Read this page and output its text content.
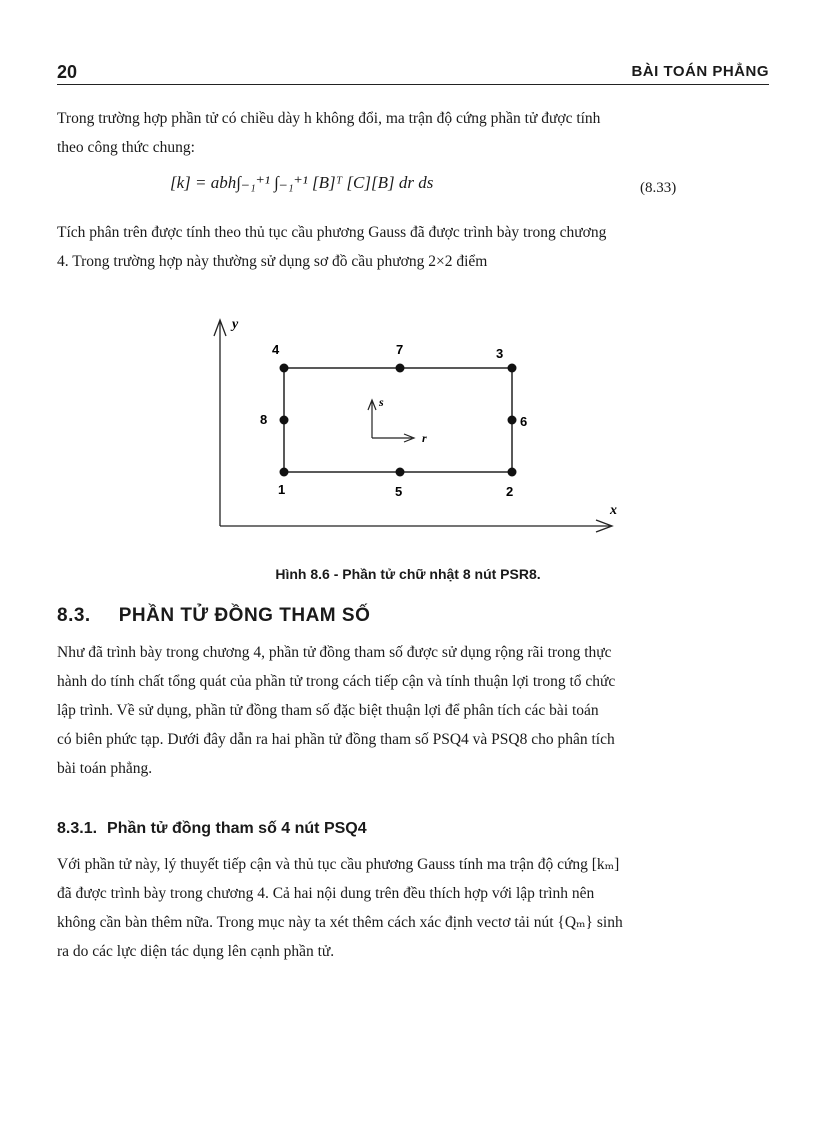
20	BÀI TOÁN PHẲNG
Trong trường hợp phần tử có chiều dày h không đổi, ma trận độ cứng phần tử được tính
theo công thức chung:
[k] = abh∫₋₁⁺¹ ∫₋₁⁺¹ [B]ᵀ [C][B] dr ds	(8.33)
Tích phân trên được tính theo thủ tục cầu phương Gauss đã được trình bày trong chương
4. Trong trường hợp này thường sử dụng sơ đồ cầu phương 2×2 điểm
y
x
s
r
1	2
3
4
5
6
7
8
Hình 8.6 - Phần tử chữ nhật 8 nút PSR8.
8.3. PHẦN TỬ ĐỒNG THAM SỐ
Như đã trình bày trong chương 4, phần tử đồng tham số được sử dụng rộng rãi trong thực
hành do tính chất tổng quát của phần tử trong cách tiếp cận và tính thuận lợi trong tổ chức
lập trình. Về sử dụng, phần tử đồng tham số đặc biệt thuận lợi để phân tích các bài toán
có biên phức tạp. Dưới đây dẫn ra hai phần tử đồng tham số PSQ4 và PSQ8 cho phân tích
bài toán phẳng.
8.3.1. Phần tử đồng tham số 4 nút PSQ4
Với phần tử này, lý thuyết tiếp cận và thủ tục cầu phương Gauss tính ma trận độ cứng [kₘ]
đã được trình bày trong chương 4. Cả hai nội dung trên đều thích hợp với lập trình nên
không cần bàn thêm nữa. Trong mục này ta xét thêm cách xác định vectơ tải nút {Qₘ} sinh
ra do các lực diện tác dụng lên cạnh phần tử.
